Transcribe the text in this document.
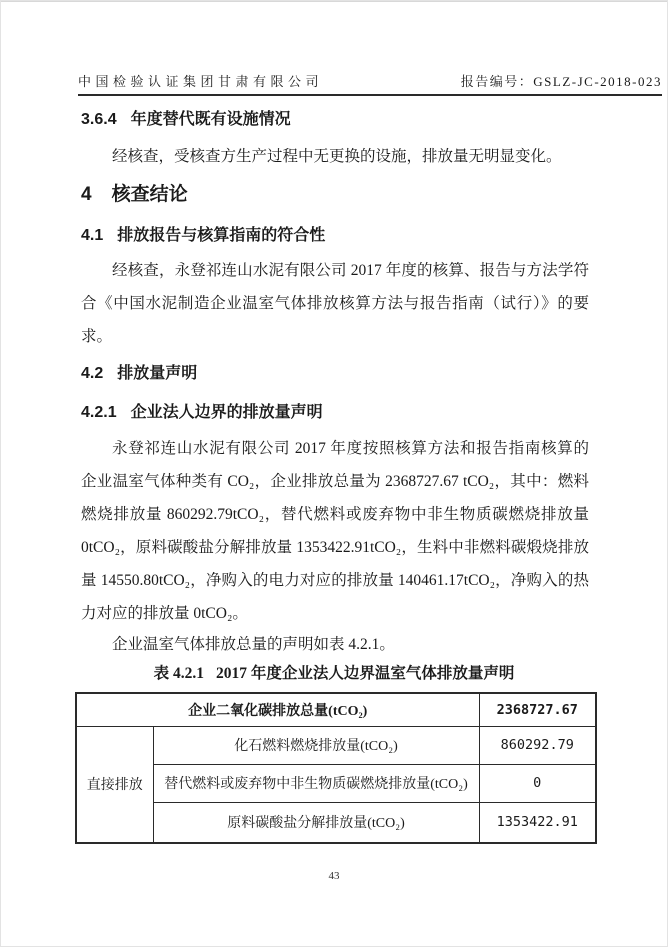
中国检验认证集团甘肃有限公司	报告编号：GSLZ-JC-2018-023
3.6.4 年度替代既有设施情况
经核查，受核查方生产过程中无更换的设施，排放量无明显变化。
4 核查结论
4.1 排放报告与核算指南的符合性
经核查，永登祁连山水泥有限公司 2017 年度的核算、报告与方法学符
合《中国水泥制造企业温室气体排放核算方法与报告指南（试行）》的要
求。
4.2 排放量声明
4.2.1 企业法人边界的排放量声明
永登祁连山水泥有限公司 2017 年度按照核算方法和报告指南核算的
企业温室气体种类有 CO₂，企业排放总量为 2368727.67 tCO₂，其中：燃料
燃烧排放量 860292.79tCO₂，替代燃料或废弃物中非生物质碳燃烧排放量
0tCO₂，原料碳酸盐分解排放量 1353422.91tCO₂，生料中非燃料碳煅烧排放
量 14550.80tCO₂，净购入的电力对应的排放量 140461.17tCO₂，净购入的热
力对应的排放量 0tCO₂。
企业温室气体排放总量的声明如表 4.2.1。
表 4.2.1 2017 年度企业法人边界温室气体排放量声明
企业二氧化碳排放总量(tCO₂)		2368727.67
直接排放	化石燃料燃烧排放量(tCO₂)	860292.79
	替代燃料或废弃物中非生物质碳燃烧排放量(tCO₂)	0
	原料碳酸盐分解排放量(tCO₂)	1353422.91
43
